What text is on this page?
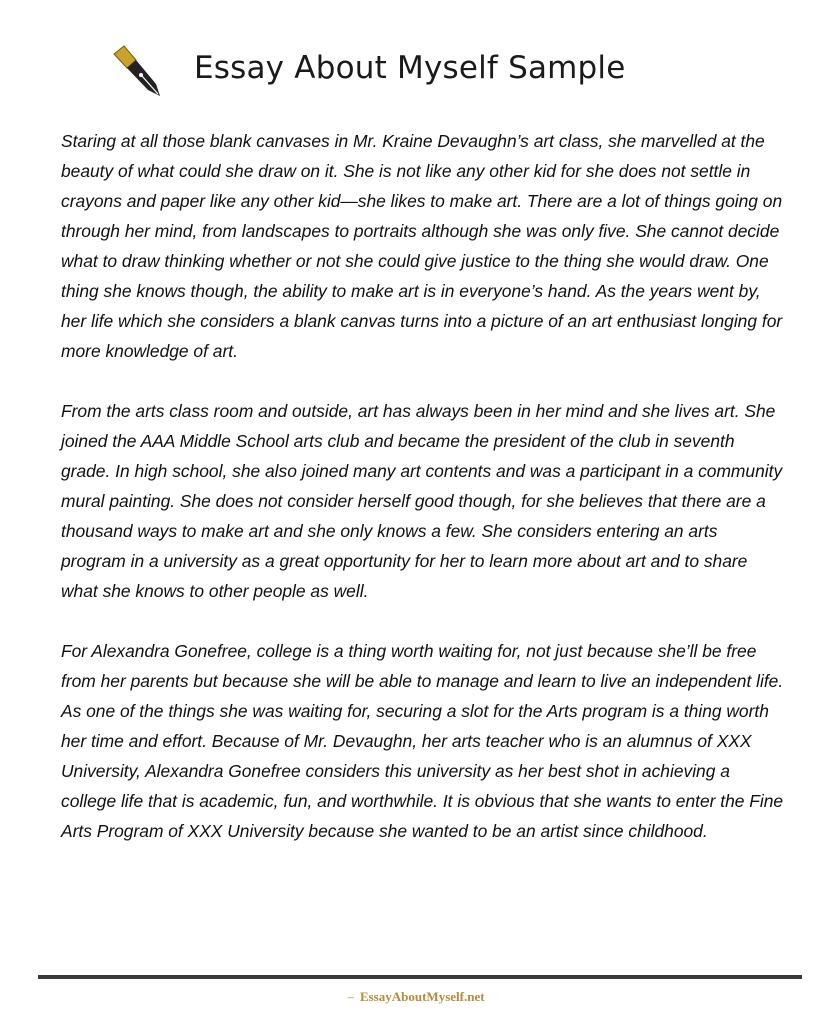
Essay About Myself Sample

Staring at all those blank canvases in Mr. Kraine Devaughn’s art class, she marvelled at the beauty of what could she draw on it. She is not like any other kid for she does not settle in crayons and paper like any other kid—she likes to make art. There are a lot of things going on through her mind, from landscapes to portraits although she was only five. She cannot decide what to draw thinking whether or not she could give justice to the thing she would draw. One thing she knows though, the ability to make art is in everyone’s hand. As the years went by, her life which she considers a blank canvas turns into a picture of an art enthusiast longing for more knowledge of art.

From the arts class room and outside, art has always been in her mind and she lives art. She joined the AAA Middle School arts club and became the president of the club in seventh grade. In high school, she also joined many art contents and was a participant in a community mural painting. She does not consider herself good though, for she believes that there are a thousand ways to make art and she only knows a few. She considers entering an arts program in a university as a great opportunity for her to learn more about art and to share what she knows to other people as well.

For Alexandra Gonefree, college is a thing worth waiting for, not just because she’ll be free from her parents but because she will be able to manage and learn to live an independent life. As one of the things she was waiting for, securing a slot for the Arts program is a thing worth her time and effort. Because of Mr. Devaughn, her arts teacher who is an alumnus of XXX University, Alexandra Gonefree considers this university as her best shot in achieving a college life that is academic, fun, and worthwhile. It is obvious that she wants to enter the Fine Arts Program of XXX University because she wanted to be an artist since childhood.

– EssayAboutMyself.net
